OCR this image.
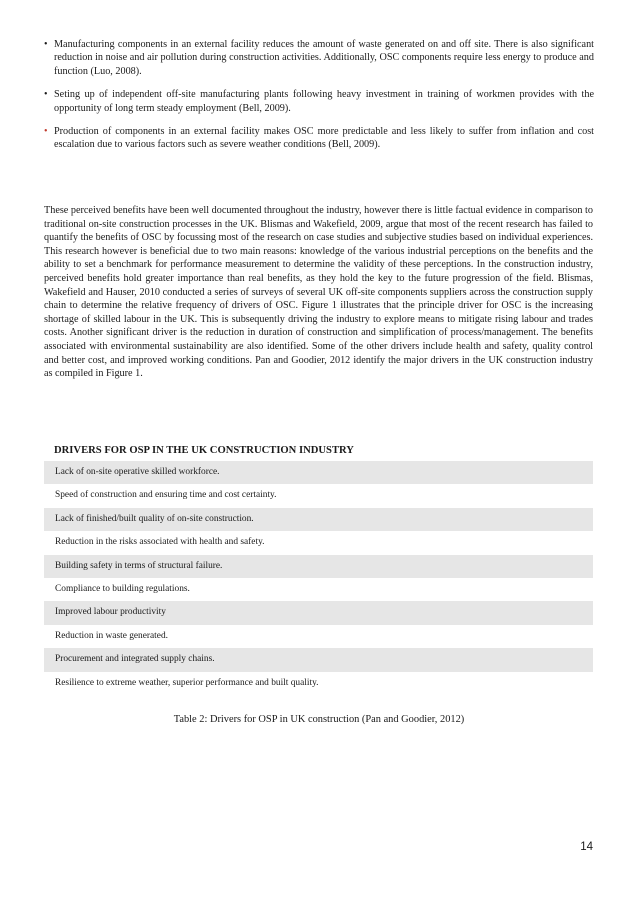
• Manufacturing components in an external facility reduces the amount of waste generated on and off site. There is also significant reduction in noise and air pollution during construction activities. Additionally, OSC components require less energy to produce and function (Luo, 2008).
• Seting up of independent off-site manufacturing plants following heavy investment in training of workmen provides with the opportunity of long term steady employment (Bell, 2009).
• Production of components in an external facility makes OSC more predictable and less likely to suffer from inflation and cost escalation due to various factors such as severe weather conditions (Bell, 2009).
These perceived benefits have been well documented throughout the industry, however there is little factual evidence in comparison to traditional on-site construction processes in the UK. Blismas and Wakefield, 2009, argue that most of the recent research has failed to quantify the benefits of OSC by focussing most of the research on case studies and subjective studies based on individual experiences. This research however is beneficial due to two main reasons: knowledge of the various industrial perceptions on the benefits and the ability to set a benchmark for performance measurement to determine the validity of these perceptions. In the construction industry, perceived benefits hold greater importance than real benefits, as they hold the key to the future progression of the field. Blismas, Wakefield and Hauser, 2010 conducted a series of surveys of several UK off-site components suppliers across the construction supply chain to determine the relative frequency of drivers of OSC. Figure 1 illustrates that the principle driver for OSC is the increasing shortage of skilled labour in the UK. This is subsequently driving the industry to explore means to mitigate rising labour and trades costs. Another significant driver is the reduction in duration of construction and simplification of process/management. The benefits associated with environmental sustainability are also identified. Some of the other drivers include health and safety, quality control and better cost, and improved working conditions. Pan and Goodier, 2012 identify the major drivers in the UK construction industry as compiled in Figure 1.
DRIVERS FOR OSP IN THE UK CONSTRUCTION INDUSTRY
Lack of on-site operative skilled workforce.
Speed of construction and ensuring time and cost certainty.
Lack of finished/built quality of on-site construction.
Reduction in the risks associated with health and safety.
Building safety in terms of structural failure.
Compliance to building regulations.
Improved labour productivity
Reduction in waste generated.
Procurement and integrated supply chains.
Resilience to extreme weather, superior performance and built quality.
Table 2: Drivers for OSP in UK construction (Pan and Goodier, 2012)
14
